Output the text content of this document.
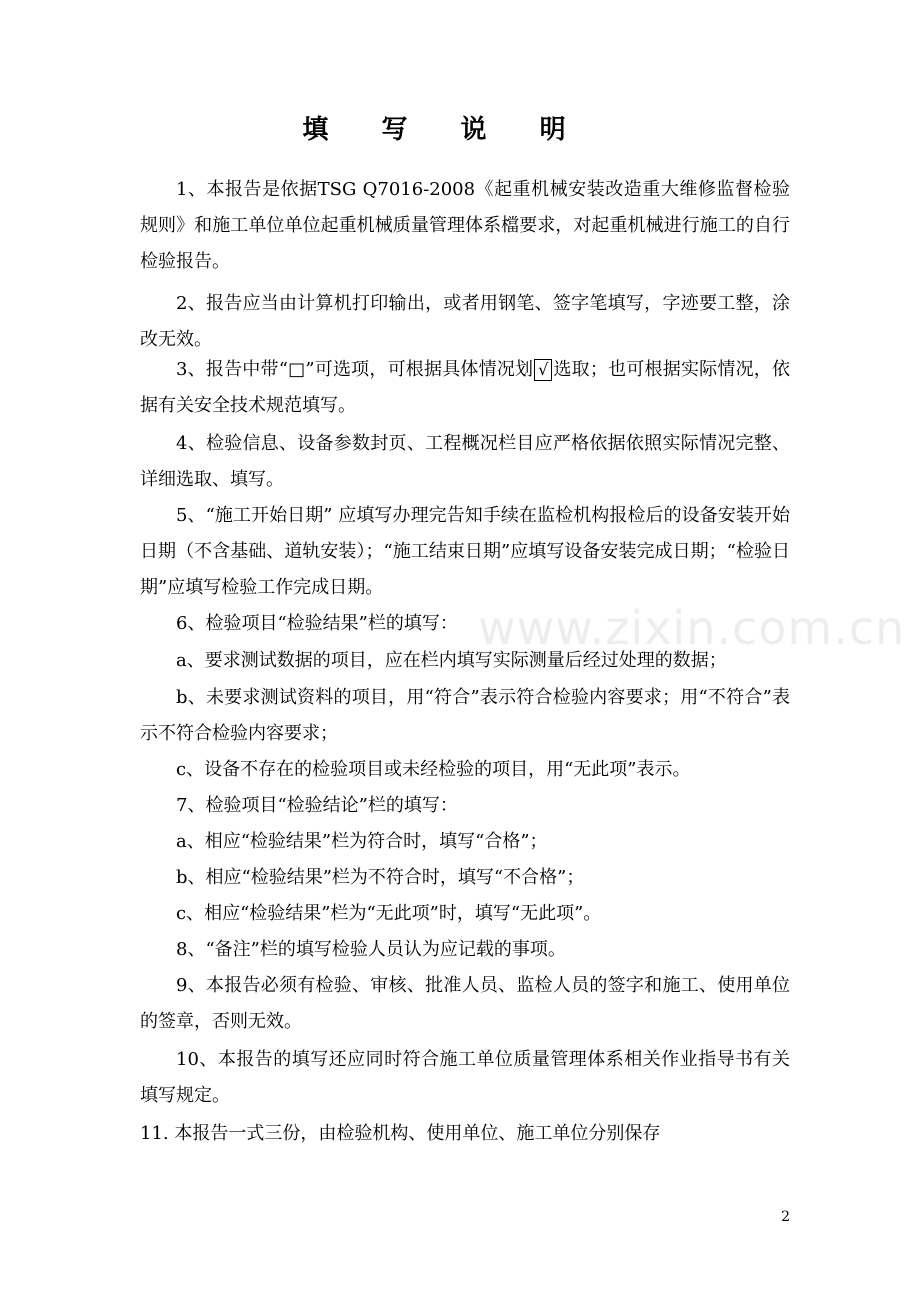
填 写 说 明
1、本报告是依据TSG Q7016-2008《起重机械安装改造重大维修监督检验规则》和施工单位单位起重机械质量管理体系檔要求，对起重机械进行施工的自行检验报告。
2、报告应当由计算机打印输出，或者用钢笔、签字笔填写，字迹要工整，涂改无效。
3、报告中带“□”可选项，可根据具体情况划 √ 选取；也可根据实际情况，依据有关安全技术规范填写。
4、检验信息、设备参数封页、工程概况栏目应严格依据依照实际情况完整、详细选取、填写。
5、“施工开始日期” 应填写办理完告知手续在监检机构报检后的设备安装开始日期（不含基础、道轨安装）；“施工结束日期”应填写设备安装完成日期；“检验日期”应填写检验工作完成日期。
6、检验项目“检验结果”栏的填写：
a、要求测试数据的项目，应在栏内填写实际测量后经过处理的数据；
b、未要求测试资料的项目，用“符合”表示符合检验内容要求；用“不符合”表示不符合检验内容要求；
c、设备不存在的检验项目或未经检验的项目，用“无此项”表示。
7、检验项目“检验结论”栏的填写：
a、相应“检验结果”栏为符合时，填写“合格”；
b、相应“检验结果”栏为不符合时，填写“不合格”；
c、相应“检验结果”栏为“无此项”时，填写“无此项”。
8、“备注”栏的填写检验人员认为应记载的事项。
9、本报告必须有检验、审核、批准人员、监检人员的签字和施工、使用单位的签章，否则无效。
10、本报告的填写还应同时符合施工单位质量管理体系相关作业指导书有关填写规定。
11. 本报告一式三份，由检验机构、使用单位、施工单位分别保存
2
www.zixin.com.cn
